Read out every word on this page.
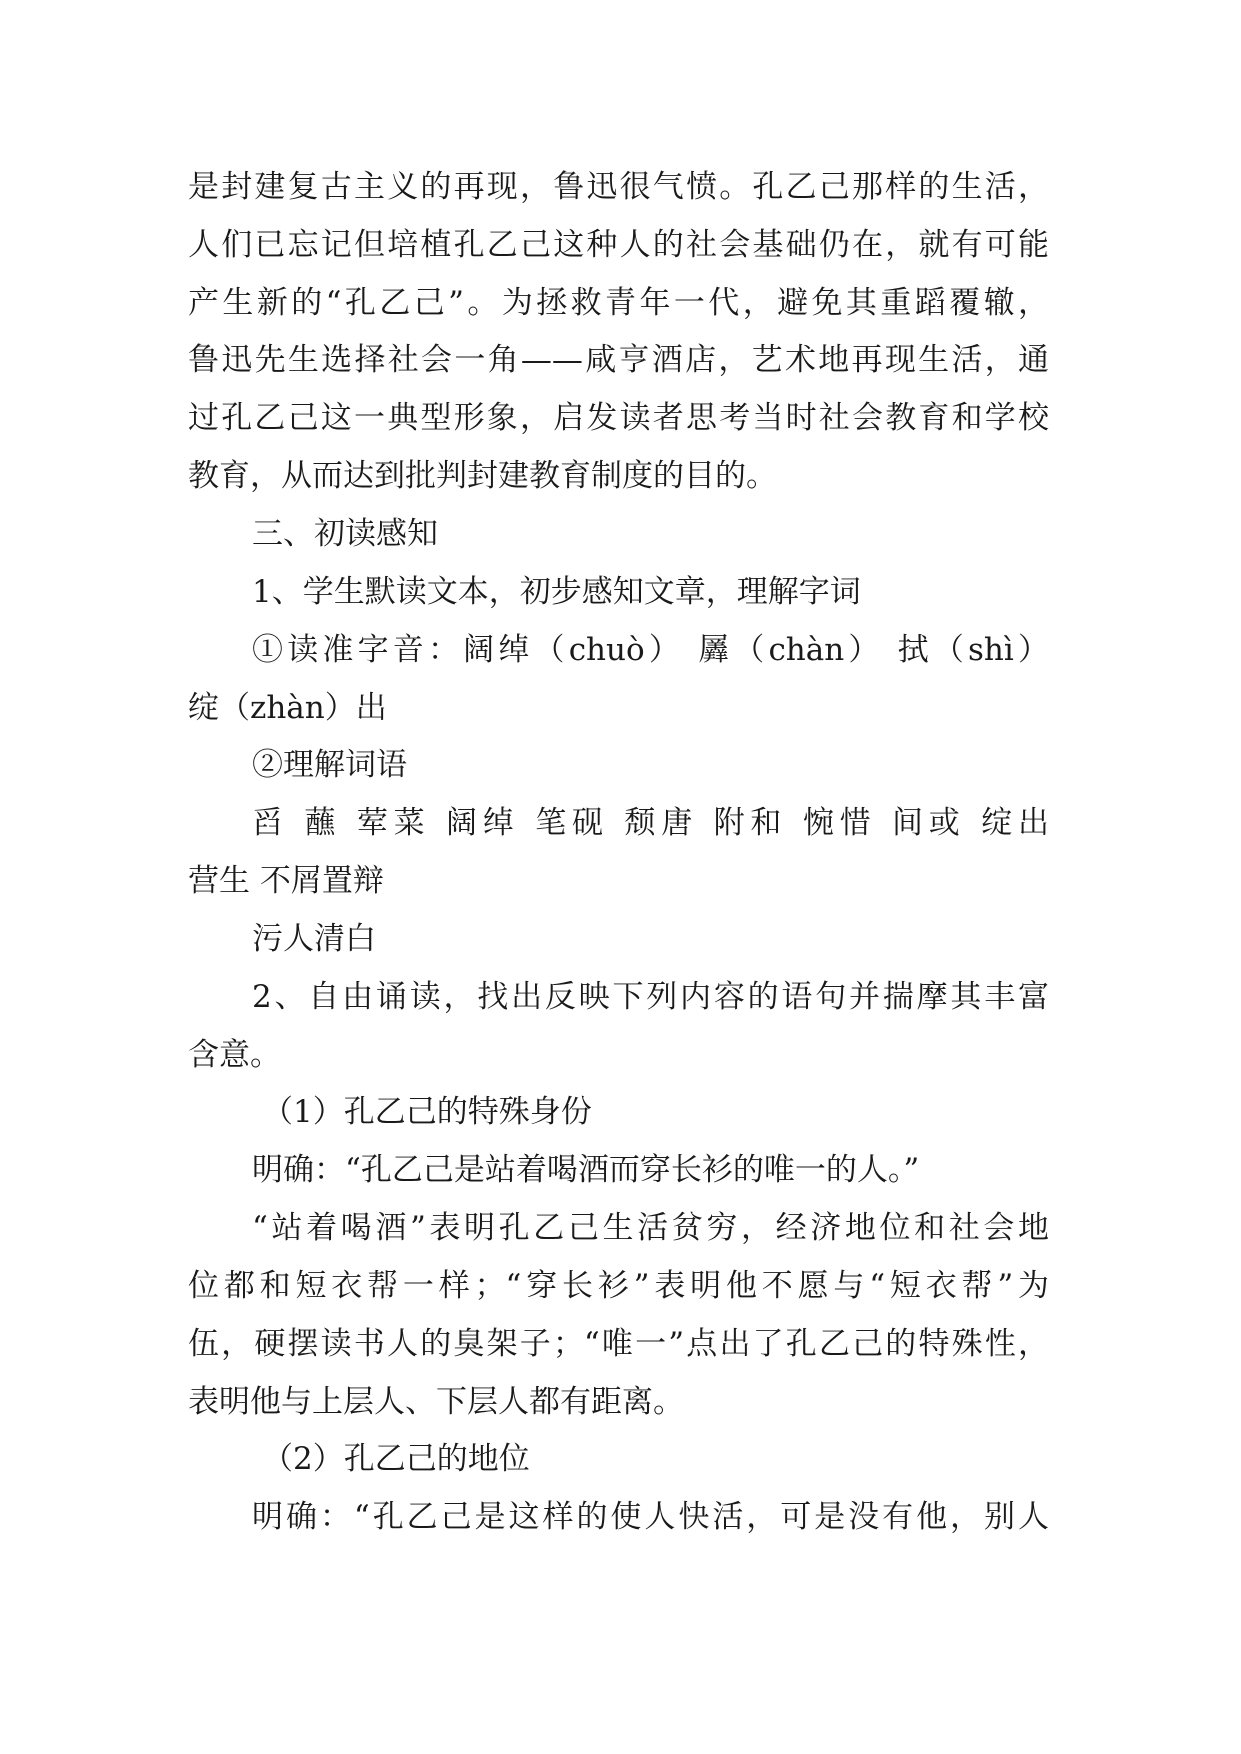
是封建复古主义的再现，鲁迅很气愤。孔乙己那样的生活，
人们已忘记但培植孔乙己这种人的社会基础仍在，就有可能
产生新的“孔乙己”。为拯救青年一代，避免其重蹈覆辙，
鲁迅先生选择社会一角——咸亨酒店，艺术地再现生活，通
过孔乙己这一典型形象，启发读者思考当时社会教育和学校
教育，从而达到批判封建教育制度的目的。
三、初读感知
1、学生默读文本，初步感知文章，理解字词
①读准字音：阔绰（chuò） 羼（chàn） 拭（shì）
绽（zhàn）出
②理解词语
舀 蘸 荤菜 阔绰 笔砚 颓唐 附和 惋惜 间或 绽出
营生 不屑置辩
污人清白
2、自由诵读，找出反映下列内容的语句并揣摩其丰富
含意。
（1）孔乙己的特殊身份
明确：“孔乙己是站着喝酒而穿长衫的唯一的人。”
“站着喝酒”表明孔乙己生活贫穷，经济地位和社会地
位都和短衣帮一样；“穿长衫”表明他不愿与“短衣帮”为
伍，硬摆读书人的臭架子；“唯一”点出了孔乙己的特殊性，
表明他与上层人、下层人都有距离。
（2）孔乙己的地位
明确：“孔乙己是这样的使人快活，可是没有他，别人
